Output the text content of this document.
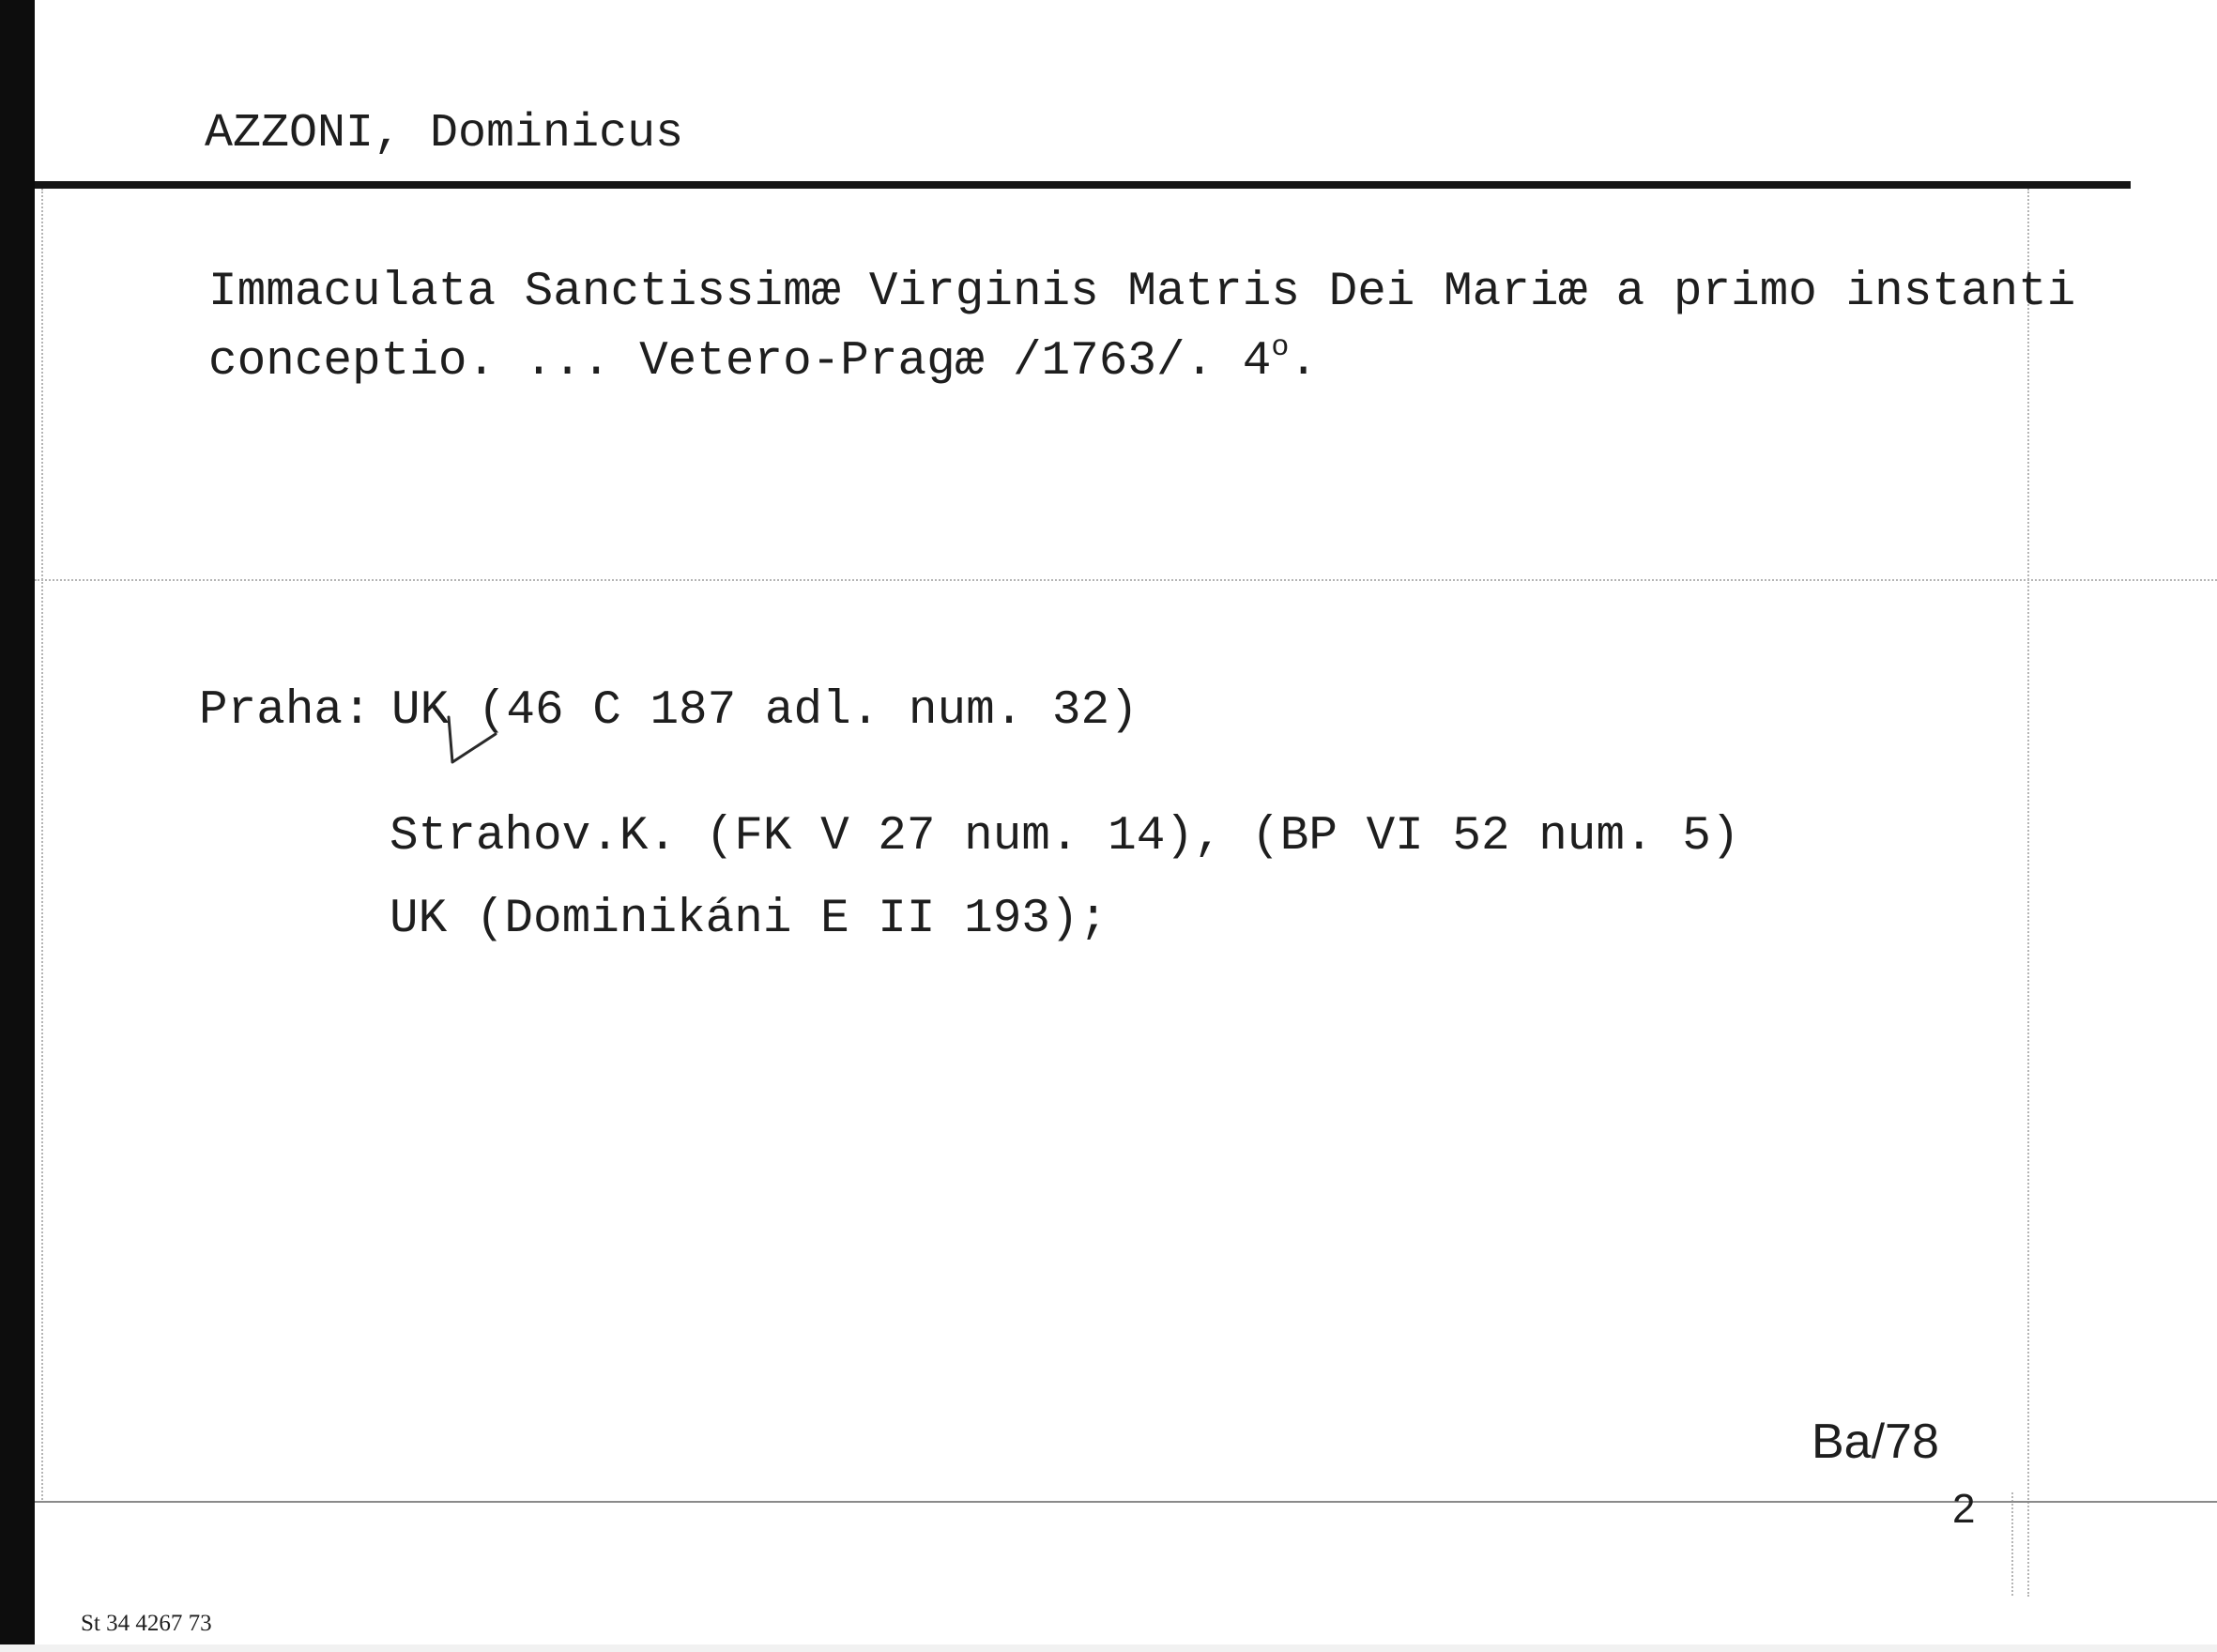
AZZONI, Dominicus
Immaculata Sanctissimæ Virginis Matris Dei Mariæ a primo instanti
conceptio. ... Vetero-Pragæ /1763/. 4$^o$.
Praha: UK (46 C 187 adl. num. 32)
Strahov.K. (FK V 27 num. 14), (BP VI 52 num. 5)
UK (Dominikáni E II 193);
Ba/78
2
St 34 4267 73
